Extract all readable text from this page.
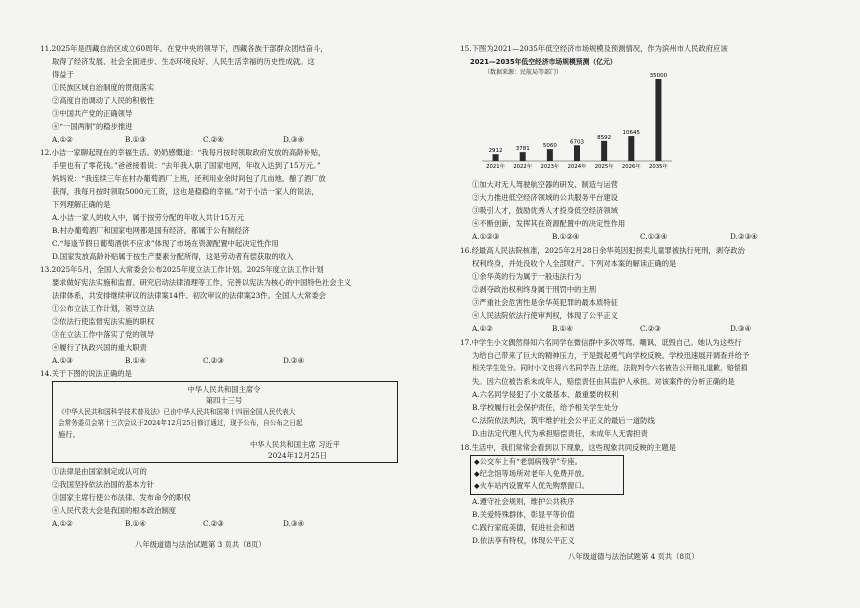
11.2025年是西藏自治区成立60周年。在党中央的领导下，西藏各族干部群众团结奋斗，
取得了经济发展、社会全面进步、生态环境良好、人民生活幸福的历史性成就。这
得益于
①民族区域自治制度的贯彻落实
②高度自治调动了人民的积极性
③中国共产党的正确领导
④“一国两制”的稳步推进
A.①②	B.①③	C.②④	D.③④
12.小洁一家聊起现在的幸福生活。奶奶感慨道：“我每月按时领取政府发放的高龄补贴，
手里也有了零花钱。”爸爸接着说：“去年我入职了国家电网，年收入达到了15万元。”
妈妈说：“我连续三年在村办葡萄酒厂上班，还利用业余时间包了几亩地，酿了酒厂放
获得，我每月按时领取5000元工资，这也是稳稳的幸福。”对于小洁一家人的说法，
下列理解正确的是
A.小洁一家人的收入中，属于按劳分配的年收入共计15万元
B.村办葡萄酒厂和国家电网都是国有经济，都属于公有制经济
C.“每逢节假日葡萄酒供不应求”体现了市场在资源配置中起决定性作用
D.国家发放高龄补贴属于按生产要素分配所得，这是劳动者有偿获取的收入
13.2025年5月，全国人大常委会公布2025年度立法工作计划。2025年度立法工作计划
要求做好宪法实施和监督、研究启动法律清理等工作，完善以宪法为核心的中国特色社会主义
法律体系，共安排继续审议的法律案14件、初次审议的法律案23件。全国人大常委会
①公布立法工作计划，领导立法
②依法行使监督宪法实施的职权
③在立法工作中落实了党的领导
④履行了执政兴国的重大职责
A.①③	B.①④	C.②③	D.②④
14.关于下图的说法正确的是
中华人民共和国主席令
第四十三号
《中华人民共和国科学技术普及法》已由中华人民共和国第十四届全国人民代表大
会常务委员会第十三次会议于2024年12月25日修订通过，现予公布，自公布之日起
施行。
中华人民共和国主席 习近平
2024年12月25日
①法律是由国家制定或认可的
②我国坚持依法治国的基本方针
③国家主席行使公布法律、发布命令的职权
④人民代表大会是我国的根本政治制度
A.①②	B.①④	C.②③	D.③④
八年级道德与法治试题第 3 页共（8页）
15.下图为2021—2035年低空经济市场规模及预测情况，作为滨州市人民政府应该
2021—2035年低空经济市场规模预测（亿元）
（数据来源：民航局等部门）
2912
2021年
3781
2022年
5060
2023年
6703
2024年
8592
2025年
10645
2026年
35000
2035年
①加大对无人驾驶航空器的研发、制造与运营
②大力推进低空经济领域的公共服务平台建设
③吸引人才，鼓励优秀人才投身低空经济领域
④不断创新，发挥其在资源配置中的决定性作用
A.①②③	B.①②④	C.①③④	D.②③④
16.经最高人民法院核准，2025年2月28日余华英因犯拐卖儿童罪被执行死刑，剥夺政治
权利终身，并处没收个人全部财产。下列对本案的解读正确的是
①余华英的行为属于一般违法行为
②剥夺政治权利终身属于刑罚中的主刑
③严重社会危害性是余华英犯罪的最本质特征
④人民法院依法行使审判权，体现了公平正义
A.①②	B.①④	C.②③	D.③④
17.中学生小文偶然得知六名同学在微信群中多次辱骂、嘲讽、诋毁自己。她认为这些行
为给自己带来了巨大的精神压力，于是鼓起勇气向学校反映。学校迅速展开调查并给予
相关学生处分。同时小文也将六名同学告上法庭，法院判令六名被告公开赔礼道歉，赔偿损
失。因六位被告系未成年人，赔偿责任由其监护人承担。对该案件的分析正确的是
A.六名同学侵犯了小文最基本、最重要的权利
B.学校履行社会保护责任，给予相关学生处分
C.法院依法判决，筑牢维护社会公平正义的最后一道防线
D.由法定代理人代为承担赔偿责任，未成年人无需担责
18.生活中，我们常常会看到以下现象，这些现象共同反映的主题是
◆公交车上有“老弱病残孕”专座。
◆纪念馆等场所对老年人免费开放。
◆火车站内设置军人优先购票窗口。
A.遵守社会规则，维护公共秩序
B.关爱特殊群体，彰显平等价值
C.践行家庭美德，促进社会和谐
D.依法享有特权，体现公平正义
八年级道德与法治试题第 4 页共（8页）
